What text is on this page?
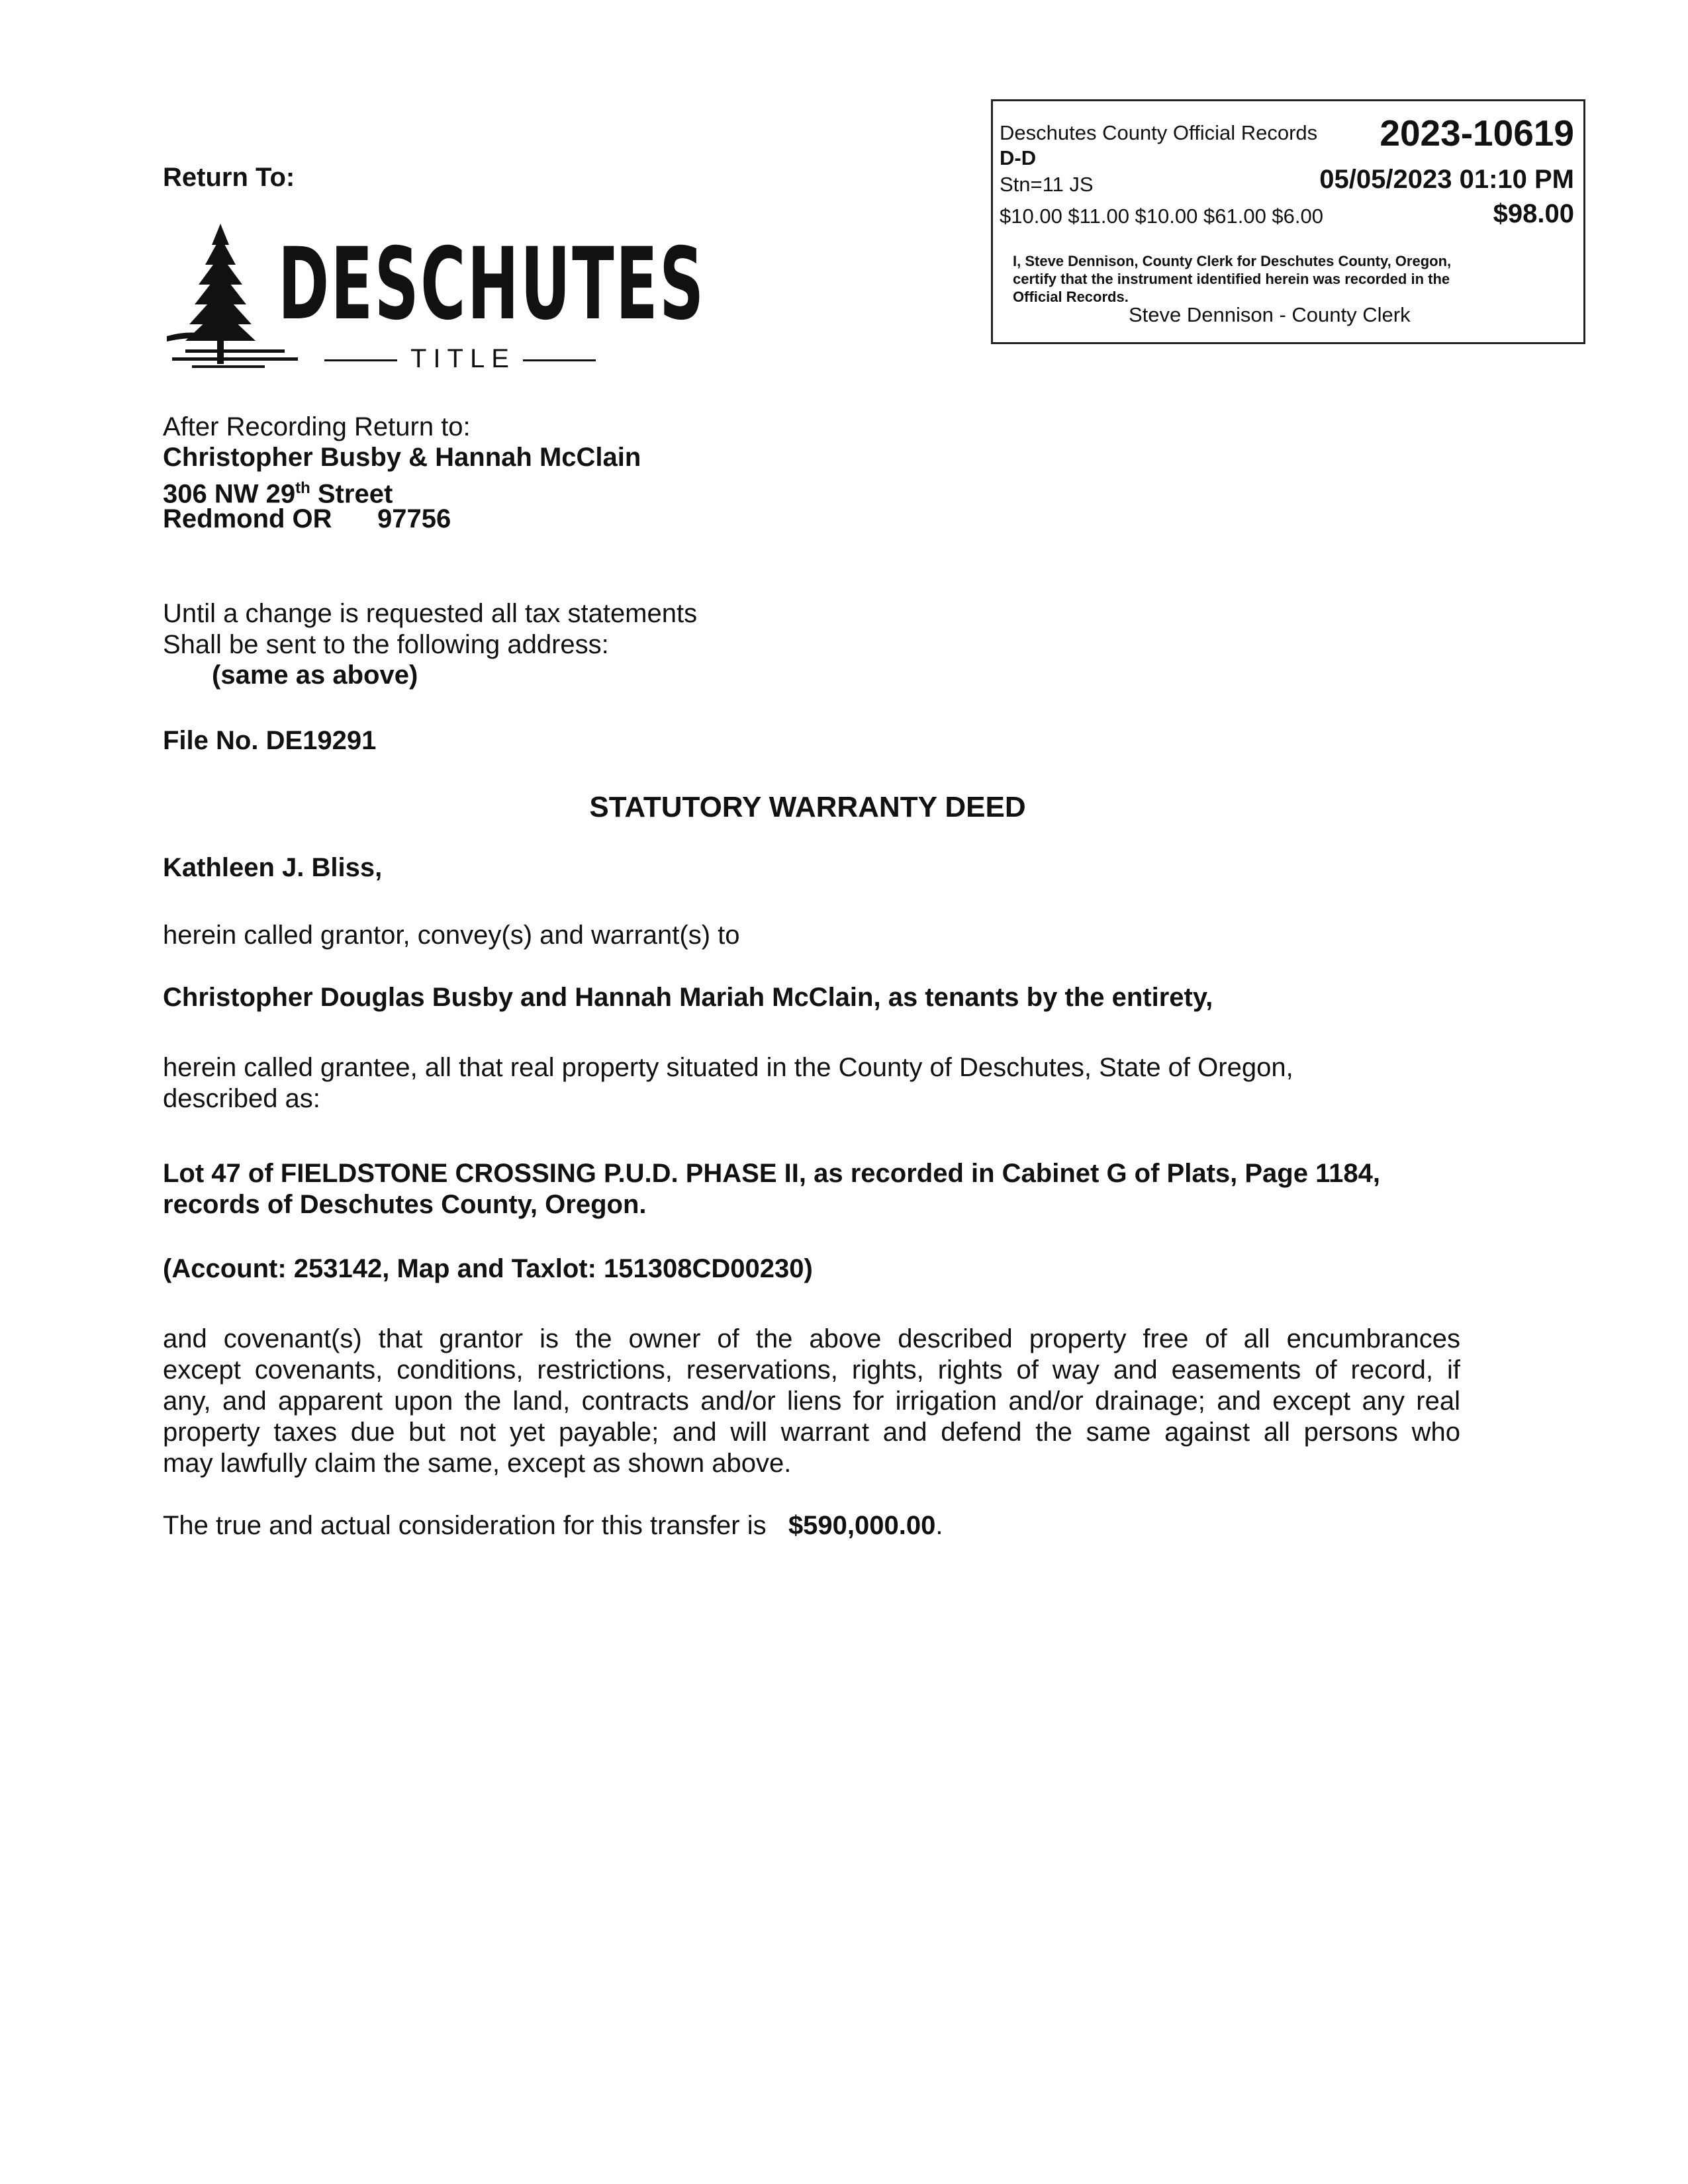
Return To:
DESCHUTES
TITLE
Deschutes County Official Records 2023-10619
D-D
Stn=11 JS	05/05/2023 01:10 PM
$10.00 $11.00 $10.00 $61.00 $6.00	$98.00
I, Steve Dennison, County Clerk for Deschutes County, Oregon,
certify that the instrument identified herein was recorded in the
Official Records.
Steve Dennison - County Clerk
After Recording Return to:
Christopher Busby & Hannah McClain
306 NW 29th Street
Redmond OR 97756
Until a change is requested all tax statements
Shall be sent to the following address:
(same as above)
File No. DE19291
STATUTORY WARRANTY DEED
Kathleen J. Bliss,
herein called grantor, convey(s) and warrant(s) to
Christopher Douglas Busby and Hannah Mariah McClain, as tenants by the entirety,
herein called grantee, all that real property situated in the County of Deschutes, State of Oregon,
described as:
Lot 47 of FIELDSTONE CROSSING P.U.D. PHASE II, as recorded in Cabinet G of Plats, Page 1184,
records of Deschutes County, Oregon.
(Account: 253142, Map and Taxlot: 151308CD00230)
and covenant(s) that grantor is the owner of the above described property free of all encumbrances
except covenants, conditions, restrictions, reservations, rights, rights of way and easements of record, if
any, and apparent upon the land, contracts and/or liens for irrigation and/or drainage; and except any real
property taxes due but not yet payable; and will warrant and defend the same against all persons who
may lawfully claim the same, except as shown above.
The true and actual consideration for this transfer is $590,000.00.
